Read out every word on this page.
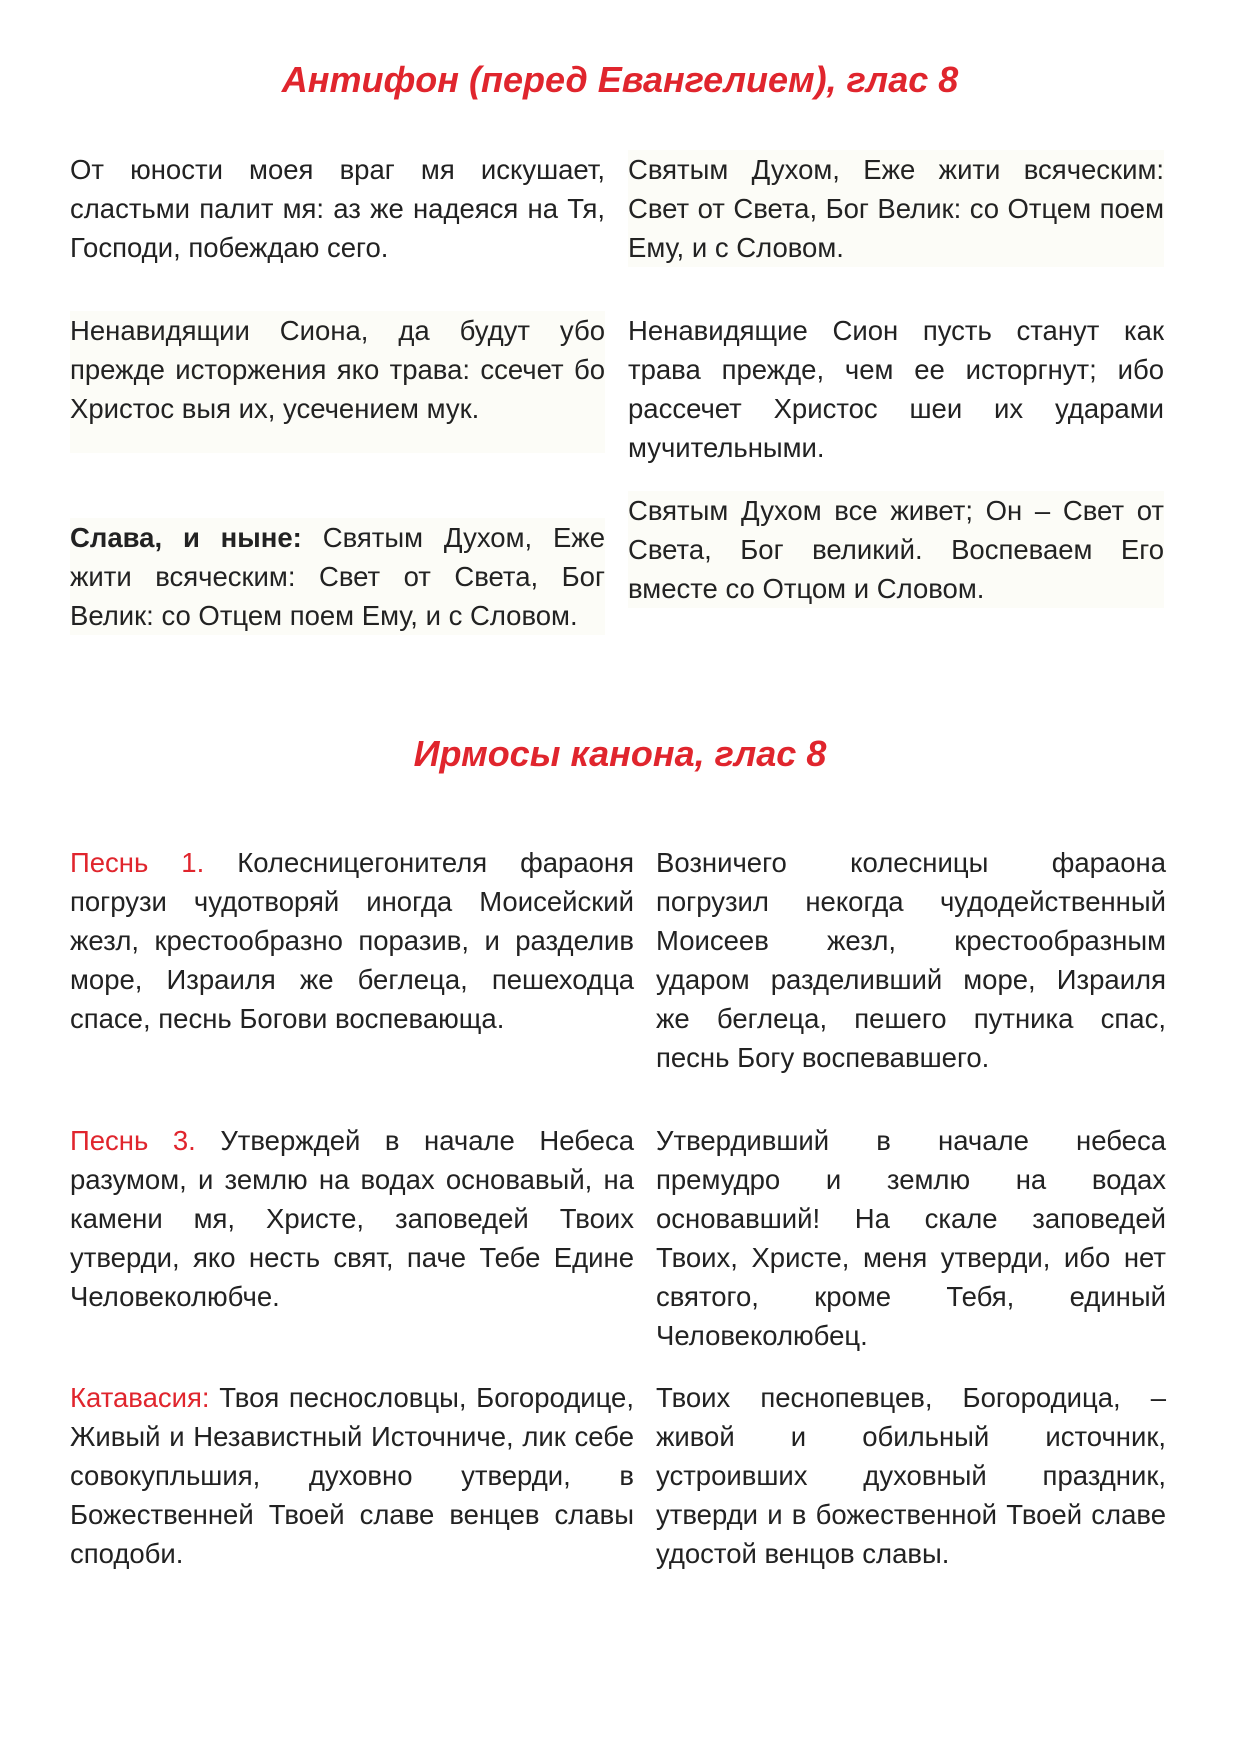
Антифон (перед Евангелием), глас 8
От юности моея враг мя искушает, сластьми палит мя: аз же надеяся на Тя, Господи, побеждаю сего.
Святым Духом, Еже жити всяческим: Свет от Света, Бог Велик: со Отцем поем Ему, и с Словом.
Ненавидящии Сиона, да будут убо прежде исторжения яко трава: ссечет бо Христос выя их, усечением мук.
Ненавидящие Сион пусть станут как трава прежде, чем ее исторгнут; ибо рассечет Христос шеи их ударами мучительными.
Слава, и ныне: Святым Духом, Еже жити всяческим: Свет от Света, Бог Велик: со Отцем поем Ему, и с Словом.
Святым Духом все живет; Он – Свет от Света, Бог великий. Воспеваем Его вместе со Отцом и Словом.
Ирмосы канона, глас 8
Песнь 1. Колесницегонителя фараоня погрузи чудотворяй иногда Моисейский жезл, крестообразно поразив, и разделив море, Израиля же беглеца, пешеходца спасе, песнь Богови воспевающа.
Возничего колесницы фараона погрузил некогда чудодейственный Моисеев жезл, крестообразным ударом разделивший море, Израиля же беглеца, пешего путника спас, песнь Богу воспевавшего.
Песнь 3. Утверждей в начале Небеса разумом, и землю на водах основавый, на камени мя, Христе, заповедей Твоих утверди, яко несть свят, паче Тебе Едине Человеколюбче.
Утвердивший в начале небеса премудро и землю на водах основавший! На скале заповедей Твоих, Христе, меня утверди, ибо нет святого, кроме Тебя, единый Человеколюбец.
Катавасия: Твоя песнословцы, Богородице, Живый и Независтный Источниче, лик себе совокупльшия, духовно утверди, в Божественней Твоей славе венцев славы сподоби.
Твоих песнопевцев, Богородица, – живой и обильный источник, устроивших духовный праздник, утверди и в божественной Твоей славе удостой венцов славы.
